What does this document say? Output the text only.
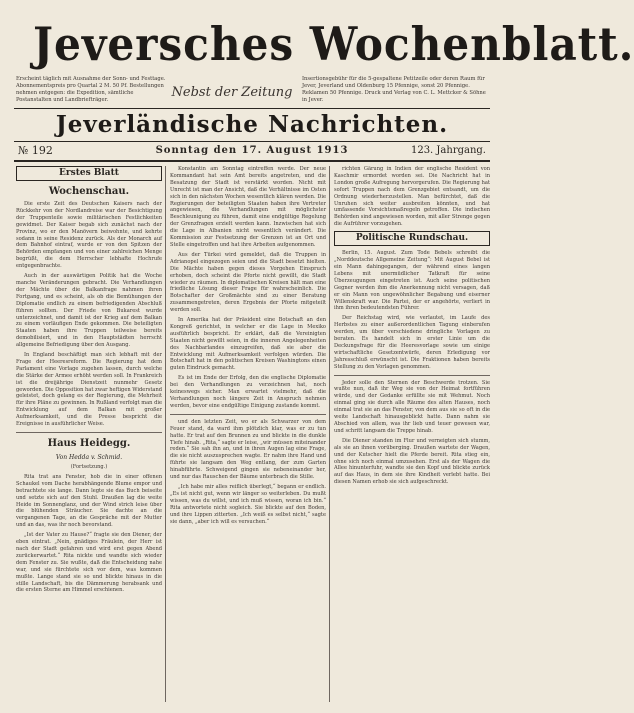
Jeversches Wochenblatt.
Erscheint täglich mit Ausnahme der Sonn- und Festtage. Abonnementspreis pro Quartal 2 M. 50 Pf. Bestellungen nehmen entgegen: die Expedition, sämtliche Postanstalten und Landbriefträger.	Nebst der Zeitung
Insertionsgebühr für die 5-gespaltene Petitzeile oder deren Raum für Jever, Jeverland und Oldenburg 15 Pfennige, sonst 20 Pfennige. Reklamen 50 Pfennige. Druck und Verlag von C. L. Mettcker & Söhne in Jever.
Jeverländische Nachrichten.
Sonntag den 17. August 1913
№ 192	123. Jahrgang.
Erstes Blatt
Wochenschau.

Die erste Zeit des Deutschen Kaisers nach der Rückkehr von der Nordlandreise war der Besichtigung der Truppenteile sowie militärischen Festlichkeiten gewidmet. Der Kaiser begab sich zunächst nach der Provinz, wo er den Manövern beiwohnte, und kehrte sodann in seine Residenz zurück. Als der Monarch auf dem Bahnhof eintraf, wurde er von den Spitzen der Behörden empfangen und von einer zahlreichen Menge begrüßt, die dem Herrscher lebhafte Hochrufe entgegenbrachte.

Auch in der auswärtigen Politik hat die Woche manche Veränderungen gebracht. Die Verhandlungen der Mächte über die Balkanfrage nahmen ihren Fortgang, und es scheint, als ob die Bemühungen der Diplomatie endlich zu einem befriedigenden Abschluß führen sollten. Der Friede von Bukarest wurde unterzeichnet, und damit ist der Krieg auf dem Balkan zu einem vorläufigen Ende gekommen. Die beteiligten Staaten haben ihre Truppen teilweise bereits demobilisiert, und in den Hauptstädten herrscht allgemeine Befriedigung über den Ausgang.

In England beschäftigt man sich lebhaft mit der Frage der Heeresreform. Die Regierung hat dem Parlament eine Vorlage zugehen lassen, durch welche die Stärke der Armee erhöht werden soll. In Frankreich ist die dreijährige Dienstzeit nunmehr Gesetz geworden. Die Opposition hat zwar heftigen Widerstand geleistet, doch gelang es der Regierung, die Mehrheit für ihre Pläne zu gewinnen. In Rußland verfolgt man die Entwicklung auf dem Balkan mit großer Aufmerksamkeit, und die Presse bespricht die Ereignisse in ausführlicher Weise.

Haus Heidegg.
Von Hedda v. Schmid.

(Fortsetzung.)

Rita trat ans Fenster, hob die in einer offenen Schaukel vom Dache herabhängende Blume empor und betrachtete sie lange. Dann legte sie das Buch beiseite und setzte sich auf den Stuhl. Draußen lag die weite Heide im Sonnenglanz, und der Wind strich leise über die blühenden Sträucher. Sie dachte an die vergangenen Tage, an die Gespräche mit der Mutter und an das, was ihr noch bevorstand.

„Ist der Vater zu Hause?“ fragte sie den Diener, der eben eintrat. „Nein, gnädiges Fräulein, der Herr ist nach der Stadt gefahren und wird erst gegen Abend zurückerwartet.“ Rita nickte und wandte sich wieder dem Fenster zu. Sie wußte, daß die Entscheidung nahe war, und sie fürchtete sich vor dem, was kommen mußte. Lange stand sie so und blickte hinaus in die stille Landschaft, bis die Dämmerung herabsank und die ersten Sterne am Himmel erschienen.

Konstantin am Sonntag eintreffen werde. Der neue Kommandant hat sein Amt bereits angetreten, und die Besatzung der Stadt ist verstärkt worden. Nicht mit Unrecht ist man der Ansicht, daß die Verhältnisse im Osten sich in den nächsten Wochen wesentlich klären werden. Die Regierungen der beteiligten Staaten haben ihre Vertreter angewiesen, die Verhandlungen mit möglichster Beschleunigung zu führen, damit eine endgültige Regelung der Grenzfragen erzielt werden kann. Inzwischen hat sich die Lage in Albanien nicht wesentlich verändert. Die Kommission zur Festsetzung der Grenzen ist an Ort und Stelle eingetroffen und hat ihre Arbeiten aufgenommen.

Aus der Türkei wird gemeldet, daß die Truppen in Adrianopel eingezogen seien und die Stadt besetzt hielten. Die Mächte haben gegen dieses Vorgehen Einspruch erhoben, doch scheint die Pforte nicht gewillt, die Stadt wieder zu räumen. In diplomatischen Kreisen hält man eine friedliche Lösung dieser Frage für wahrscheinlich. Die Botschafter der Großmächte sind zu einer Beratung zusammengetreten, deren Ergebnis der Pforte mitgeteilt werden soll.

In Amerika hat der Präsident eine Botschaft an den Kongreß gerichtet, in welcher er die Lage in Mexiko ausführlich bespricht. Er erklärt, daß die Vereinigten Staaten nicht gewillt seien, in die inneren Angelegenheiten des Nachbarlandes einzugreifen, daß sie aber die Entwicklung mit Aufmerksamkeit verfolgen würden. Die Botschaft hat in den politischen Kreisen Washingtons einen guten Eindruck gemacht.

Es ist im Ende der Erfolg, den die englische Diplomatie bei den Verhandlungen zu verzeichnen hat, noch keineswegs sicher. Man erwartet vielmehr, daß die Verhandlungen noch längere Zeit in Anspruch nehmen werden, bevor eine endgültige Einigung zustande kommt.

und den letzten Zeit, wo er als Schwarzer von dem Feuer stand, da ward ihm plötzlich klar, was er zu tun hatte. Er trat auf den Brunnen zu und blickte in die dunkle Tiefe hinab. „Rita,“ sagte er leise, „wir müssen miteinander reden.“ Sie sah ihn an, und in ihren Augen lag eine Frage, die sie nicht auszusprechen wagte. Er nahm ihre Hand und führte sie langsam den Weg entlang, der zum Garten hinabführte. Schweigend gingen sie nebeneinander her, und nur das Rauschen der Bäume unterbrach die Stille.

„Ich habe mir alles reiflich überlegt,“ begann er endlich. „Es ist nicht gut, wenn wir länger so weiterleben. Du mußt wissen, was du willst, und ich muß wissen, woran ich bin.“ Rita antwortete nicht sogleich. Sie blickte auf den Boden, und ihre Lippen zitterten. „Ich weiß es selbst nicht,“ sagte sie dann, „aber ich will es versuchen.“

richten Gärung in Indien der englische Resident von Kaschmir ermordet worden sei. Die Nachricht hat in London große Aufregung hervorgerufen. Die Regierung hat sofort Truppen nach dem Grenzgebiet entsandt, um die Ordnung wiederherzustellen. Man befürchtet, daß die Unruhen sich weiter ausbreiten könnten, und hat umfassende Vorsichtsmaßregeln getroffen. Die indischen Behörden sind angewiesen worden, mit aller Strenge gegen die Aufrührer vorzugehen.

Politische Rundschau.

Berlin, 15. August. Zum Tode Bebels schreibt die „Norddeutsche Allgemeine Zeitung“: Mit August Bebel ist ein Mann dahingegangen, der während eines langen Lebens mit unermüdlicher Tatkraft für seine Überzeugungen eingetreten ist. Auch seine politischen Gegner werden ihm die Anerkennung nicht versagen, daß er ein Mann von ungewöhnlicher Begabung und eiserner Willenskraft war. Die Partei, der er angehörte, verliert in ihm ihren bedeutendsten Führer.

Der Reichstag wird, wie verlautet, im Laufe des Herbstes zu einer außerordentlichen Tagung einberufen werden, um über verschiedene dringliche Vorlagen zu beraten. Es handelt sich in erster Linie um die Deckungsfrage für die Heeresvorlage sowie um einige wirtschaftliche Gesetzentwürfe, deren Erledigung vor Jahresschluß erwünscht ist. Die Fraktionen haben bereits Stellung zu den Vorlagen genommen.

Jeder solle den Sternen der Beschwerde trotzen. Sie wußte nun, daß ihr Weg sie von der Heimat fortführen würde, und der Gedanke erfüllte sie mit Wehmut. Noch einmal ging sie durch alle Räume des alten Hauses, noch einmal trat sie an das Fenster, von dem aus sie so oft in die weite Landschaft hinausgeblickt hatte. Dann nahm sie Abschied von allem, was ihr lieb und teuer gewesen war, und schritt langsam die Treppe hinab.

Die Diener standen im Flur und verneigten sich stumm, als sie an ihnen vorüberging. Draußen wartete der Wagen, und der Kutscher hielt die Pferde bereit. Rita stieg ein, ohne sich noch einmal umzusehen. Erst als der Wagen die Allee hinunterfuhr, wandte sie den Kopf und blickte zurück auf das Haus, in dem sie ihre Kindheit verlebt hatte. Bei diesen Namen erhob sie sich aufgeschreckt.
